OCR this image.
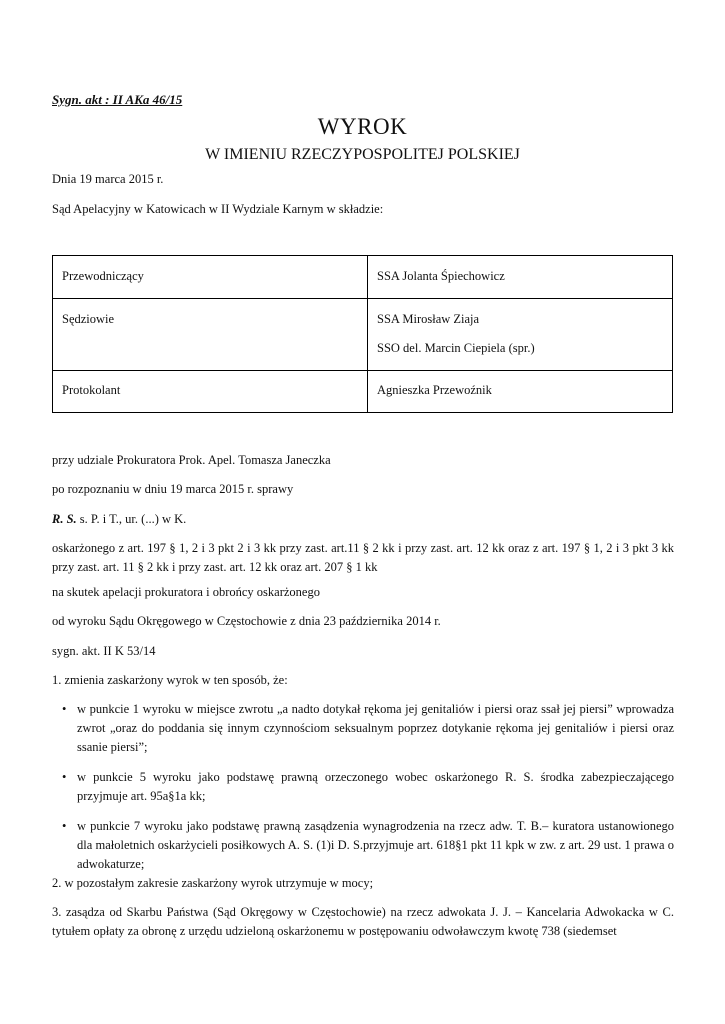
Sygn. akt : II AKa 46/15
WYROK
W IMIENIU RZECZYPOSPOLITEJ POLSKIEJ
Dnia 19 marca 2015 r.
Sąd Apelacyjny w Katowicach w II Wydziale Karnym w składzie:
Przewodniczący	SSA Jolanta Śpiechowicz
Sędziowie	SSA Mirosław Ziaja
SSO del. Marcin Ciepiela (spr.)

Protokolant	Agnieszka Przewoźnik
przy udziale Prokuratora Prok. Apel. Tomasza Janeczka
po rozpoznaniu w dniu 19 marca 2015 r. sprawy
R. S. s. P. i T., ur. (...) w K.
oskarżonego z art. 197 § 1, 2 i 3 pkt 2 i 3 kk przy zast. art.11 § 2 kk i przy zast. art. 12 kk oraz z art. 197 § 1, 2 i 3 pkt 3 kk przy zast. art. 11 § 2 kk i przy zast. art. 12 kk oraz art. 207 § 1 kk
na skutek apelacji prokuratora i obrońcy oskarżonego
od wyroku Sądu Okręgowego w Częstochowie z dnia 23 października 2014 r.
sygn. akt. II K 53/14
1. zmienia zaskarżony wyrok w ten sposób, że:
• w punkcie 1 wyroku w miejsce zwrotu „a nadto dotykał rękoma jej genitaliów i piersi oraz ssał jej piersi” wprowadza zwrot „oraz do poddania się innym czynnościom seksualnym poprzez dotykanie rękoma jej genitaliów i piersi oraz ssanie piersi”;
• w punkcie 5 wyroku jako podstawę prawną orzeczonego wobec oskarżonego R. S. środka zabezpieczającego przyjmuje art. 95a§1a kk;
• w punkcie 7 wyroku jako podstawę prawną zasądzenia wynagrodzenia na rzecz adw. T. B.– kuratora ustanowionego dla małoletnich oskarżycieli posiłkowych A. S. (1)i D. S.przyjmuje art. 618§1 pkt 11 kpk w zw. z art. 29 ust. 1 prawa o adwokaturze;
2. w pozostałym zakresie zaskarżony wyrok utrzymuje w mocy;
3. zasądza od Skarbu Państwa (Sąd Okręgowy w Częstochowie) na rzecz adwokata J. J. – Kancelaria Adwokacka w C. tytułem opłaty za obronę z urzędu udzieloną oskarżonemu w postępowaniu odwoławczym kwotę 738 (siedemset
